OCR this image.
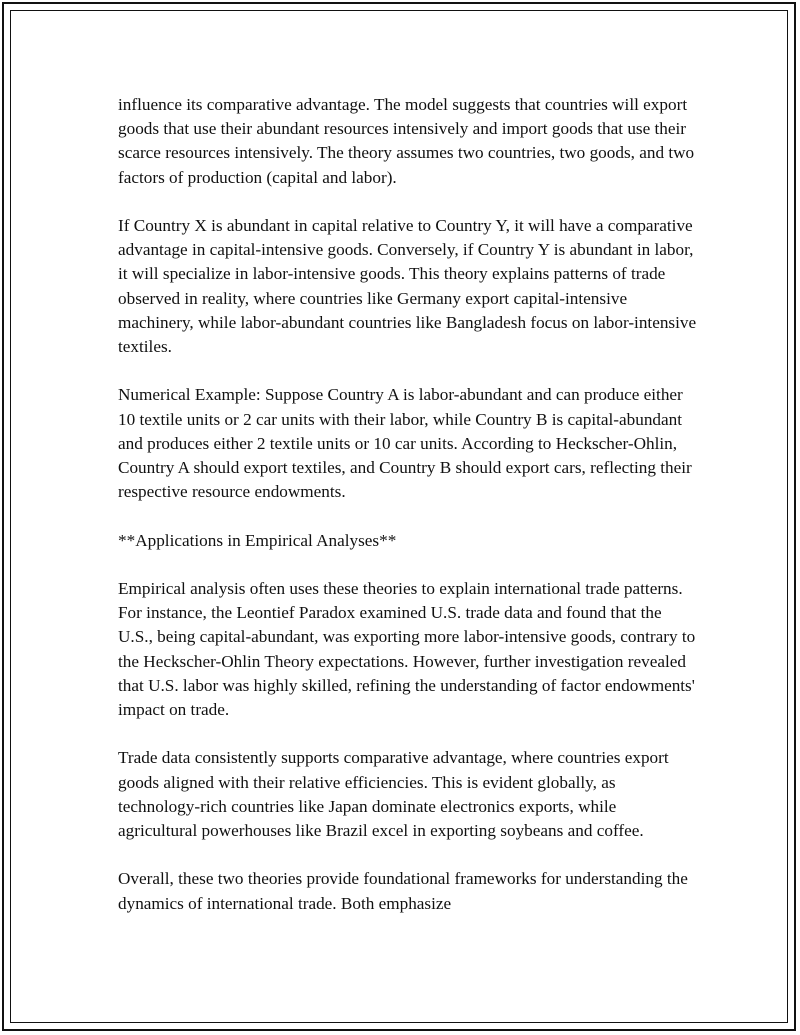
influence its comparative advantage. The model suggests that countries will export goods that use their abundant resources intensively and import goods that use their scarce resources intensively. The theory assumes two countries, two goods, and two factors of production (capital and labor).

If Country X is abundant in capital relative to Country Y, it will have a comparative advantage in capital-intensive goods. Conversely, if Country Y is abundant in labor, it will specialize in labor-intensive goods. This theory explains patterns of trade observed in reality, where countries like Germany export capital-intensive machinery, while labor-abundant countries like Bangladesh focus on labor-intensive textiles.

Numerical Example: Suppose Country A is labor-abundant and can produce either 10 textile units or 2 car units with their labor, while Country B is capital-abundant and produces either 2 textile units or 10 car units. According to Heckscher-Ohlin, Country A should export textiles, and Country B should export cars, reflecting their respective resource endowments.

**Applications in Empirical Analyses**

Empirical analysis often uses these theories to explain international trade patterns. For instance, the Leontief Paradox examined U.S. trade data and found that the U.S., being capital-abundant, was exporting more labor-intensive goods, contrary to the Heckscher-Ohlin Theory expectations. However, further investigation revealed that U.S. labor was highly skilled, refining the understanding of factor endowments' impact on trade.

Trade data consistently supports comparative advantage, where countries export goods aligned with their relative efficiencies. This is evident globally, as technology-rich countries like Japan dominate electronics exports, while agricultural powerhouses like Brazil excel in exporting soybeans and coffee.

Overall, these two theories provide foundational frameworks for understanding the dynamics of international trade. Both emphasize
